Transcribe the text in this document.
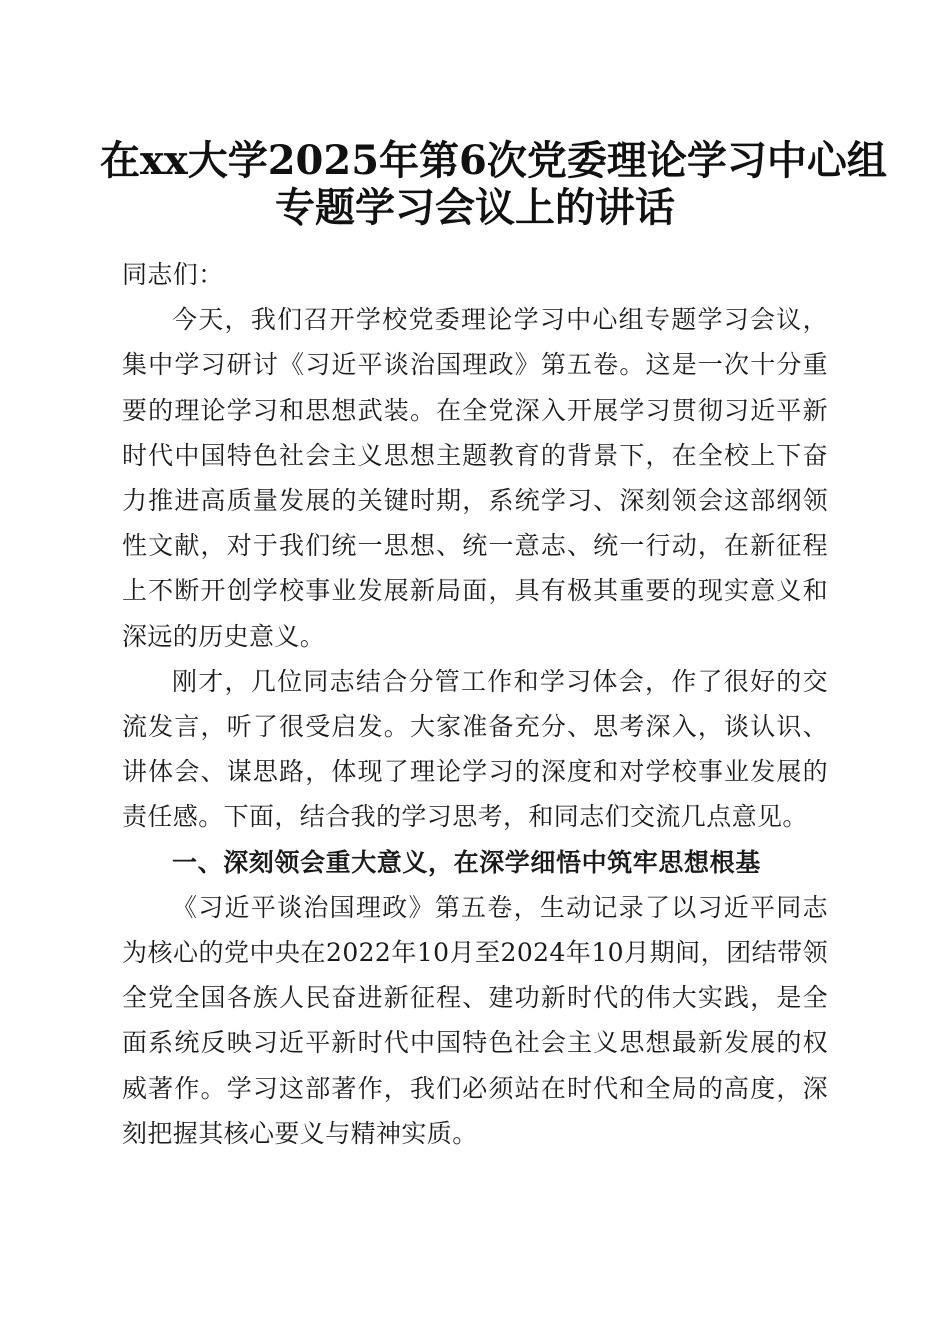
在xx大学2025年第6次党委理论学习中心组
专题学习会议上的讲话

同志们：

今天，我们召开学校党委理论学习中心组专题学习会议，集中学习研讨《习近平谈治国理政》第五卷。这是一次十分重要的理论学习和思想武装。在全党深入开展学习贯彻习近平新时代中国特色社会主义思想主题教育的背景下，在全校上下奋力推进高质量发展的关键时期，系统学习、深刻领会这部纲领性文献，对于我们统一思想、统一意志、统一行动，在新征程上不断开创学校事业发展新局面，具有极其重要的现实意义和深远的历史意义。

刚才，几位同志结合分管工作和学习体会，作了很好的交流发言，听了很受启发。大家准备充分、思考深入，谈认识、讲体会、谋思路，体现了理论学习的深度和对学校事业发展的责任感。下面，结合我的学习思考，和同志们交流几点意见。

一、深刻领会重大意义，在深学细悟中筑牢思想根基

《习近平谈治国理政》第五卷，生动记录了以习近平同志为核心的党中央在2022年10月至2024年10月期间，团结带领全党全国各族人民奋进新征程、建功新时代的伟大实践，是全面系统反映习近平新时代中国特色社会主义思想最新发展的权威著作。学习这部著作，我们必须站在时代和全局的高度，深刻把握其核心要义与精神实质。
